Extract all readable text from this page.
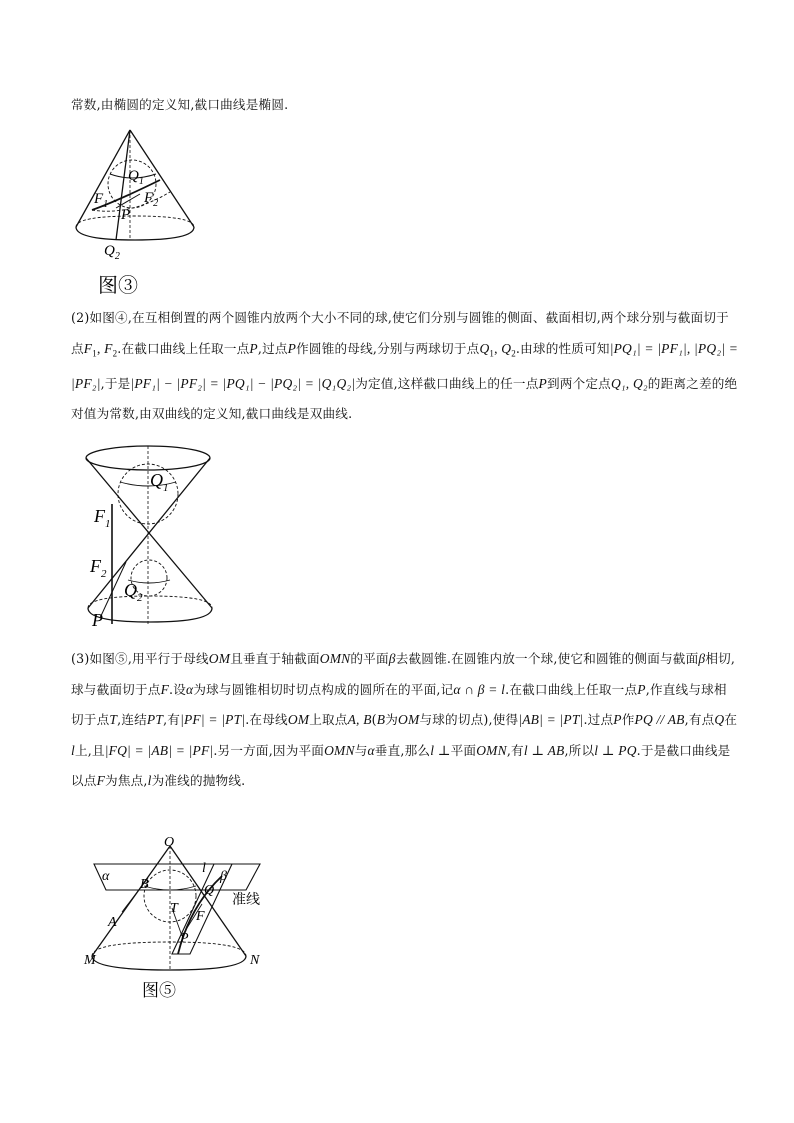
常数,由椭圆的定义知,截口曲线是椭圆.

$Q_1$
$F_1$ $F_2$
P
$Q_2$
图③

(2)如图④,在互相倒置的两个圆锥内放两个大小不同的球,使它们分别与圆锥的侧面、截面相切,两个球分别与截面切于点$F_1$, $F_2$.在截口曲线上任取一点P,过点P作圆锥的母线,分别与两球切于点$Q_1$, $Q_2$.由球的性质可知|PQ₁| = |PF₁|, |PQ₂| = |PF₂|,于是|PF₁| − |PF₂| = |PQ₁| − |PQ₂| = |Q₁Q₂|为定值,这样截口曲线上的任一点P到两个定点Q₁, Q₂的距离之差的绝对值为常数,由双曲线的定义知,截口曲线是双曲线.

$Q_1$
$F_1$
$F_2$
$Q_2$
P

(3)如图⑤,用平行于母线OM且垂直于轴截面OMN的平面β去截圆锥.在圆锥内放一个球,使它和圆锥的侧面与截面β相切,球与截面切于点F.设α为球与圆锥相切时切点构成的圆所在的平面,记α ∩ β = l.在截口曲线上任取一点P,作直线与球相切于点T,连结PT,有|PF| = |PT|.在母线OM上取点A, B(B为OM与球的切点),使得|AB| = |PT|.过点P作PQ // AB,有点Q在l上,且|FQ| = |AB| = |PF|.另一方面,因为平面OMN与α垂直,那么l ⊥平面OMN,有l ⊥ AB,所以l ⊥ PQ.于是截口曲线是以点F为焦点,l为准线的抛物线.

O
α	β
l
B	Q
A
T
F
P
M	N
准线
图⑤
